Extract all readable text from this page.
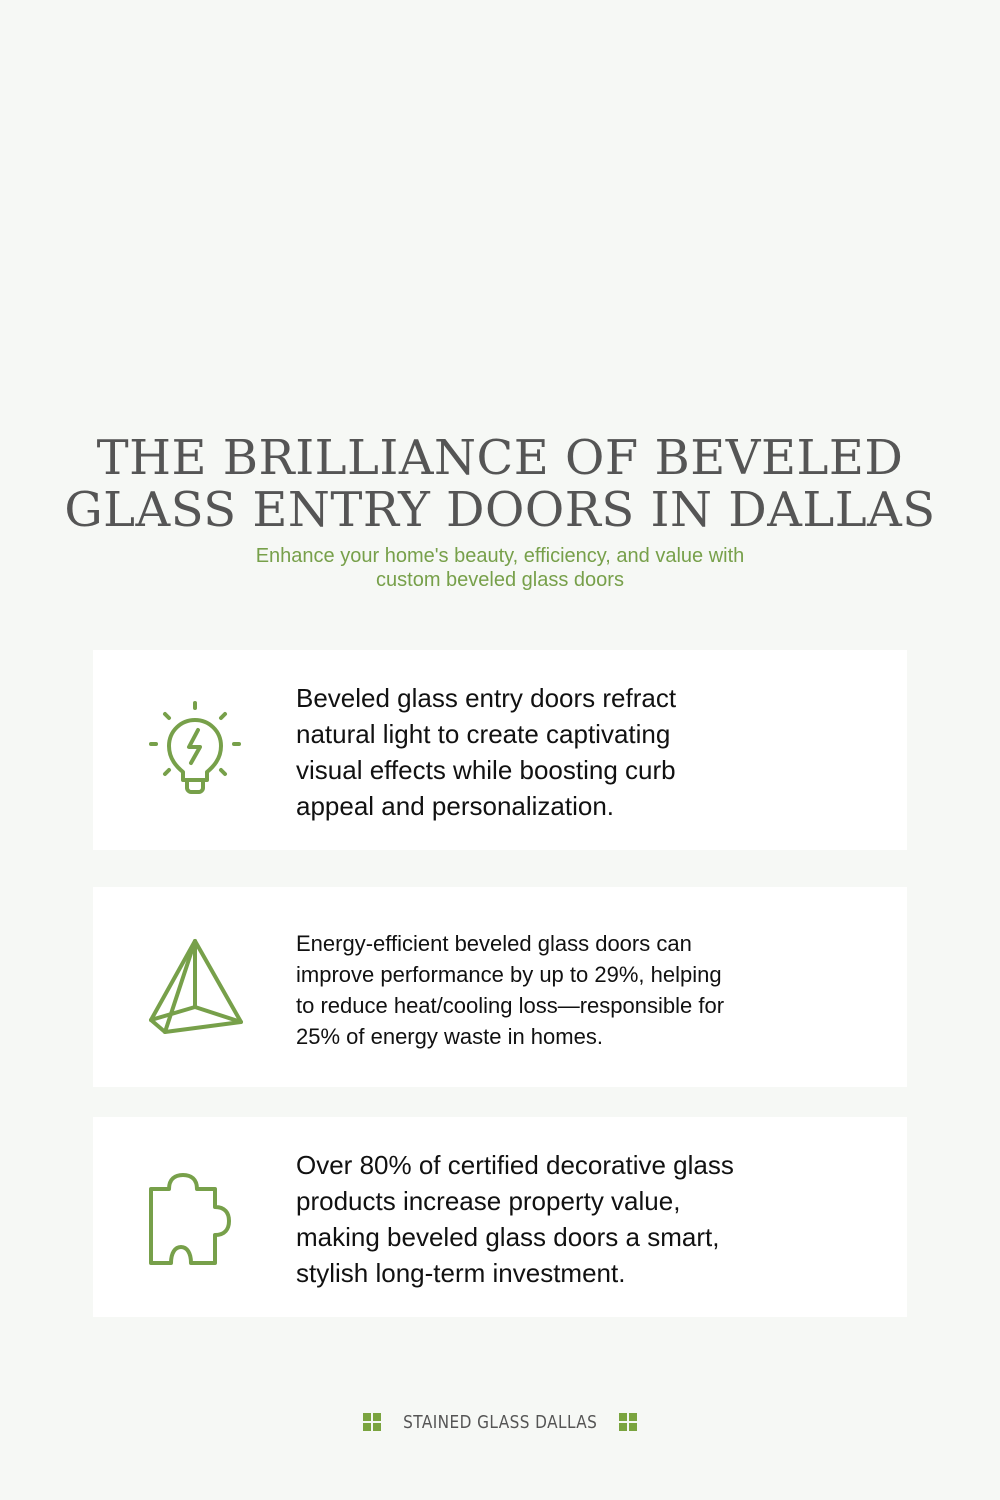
THE BRILLIANCE OF BEVELED
GLASS ENTRY DOORS IN DALLAS
Enhance your home's beauty, efficiency, and value with
custom beveled glass doors
Beveled glass entry doors refract
natural light to create captivating
visual effects while boosting curb
appeal and personalization.
Energy-efficient beveled glass doors can
improve performance by up to 29%, helping
to reduce heat/cooling loss—responsible for
25% of energy waste in homes.
Over 80% of certified decorative glass
products increase property value,
making beveled glass doors a smart,
stylish long-term investment.
STAINED GLASS DALLAS
